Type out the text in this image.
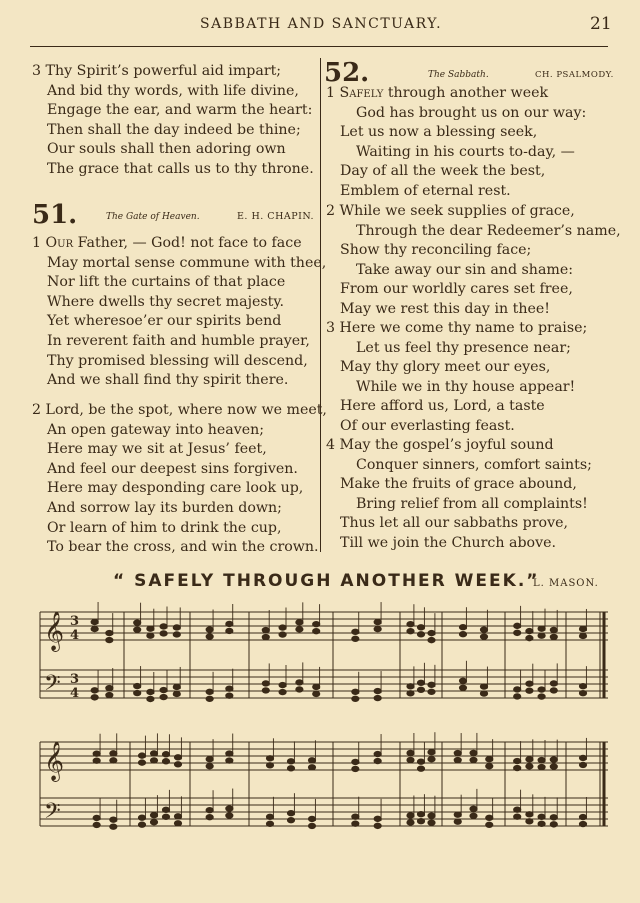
SABBATH AND SANCTUARY.	21

3 Thy Spirit’s powerful aid impart;

And bid thy words, with life divine,

Engage the ear, and warm the heart:

Then shall the day indeed be thine;

Our souls shall then adoring own

The grace that calls us to thy throne.

51.	The Gate of Heaven.	E. H. CHAPIN.

1 Our Father, — God! not face to face

May mortal sense commune with thee,

Nor lift the curtains of that place

Where dwells thy secret majesty.

Yet wheresoe’er our spirits bend

In reverent faith and humble prayer,

Thy promised blessing will descend,

And we shall find thy spirit there.

2 Lord, be the spot, where now we meet,

An open gateway into heaven;

Here may we sit at Jesus’ feet,

And feel our deepest sins forgiven.

Here may desponding care look up,

And sorrow lay its burden down;

Or learn of him to drink the cup,

To bear the cross, and win the crown.

52.	The Sabbath.	CH. PSALMODY.

1 Safely through another week

God has brought us on our way:

Let us now a blessing seek,

Waiting in his courts to-day, —

Day of all the week the best,

Emblem of eternal rest.

2 While we seek supplies of grace,

Through the dear Redeemer’s name,

Show thy reconciling face;

Take away our sin and shame:

From our worldly cares set free,

May we rest this day in thee!

3 Here we come thy name to praise;

Let us feel thy presence near;

May thy glory meet our eyes,

While we in thy house appear!

Here afford us, Lord, a taste

Of our everlasting feast.

4 May the gospel’s joyful sound

Conquer sinners, comfort saints;

Make the fruits of grace abound,

Bring relief from all complaints!

Thus let all our sabbaths prove,

Till we join the Church above.

“ SAFELY THROUGH ANOTHER WEEK.”
L. MASON.
𝄞
𝄞
𝄢
𝄢
3
4
3
4
